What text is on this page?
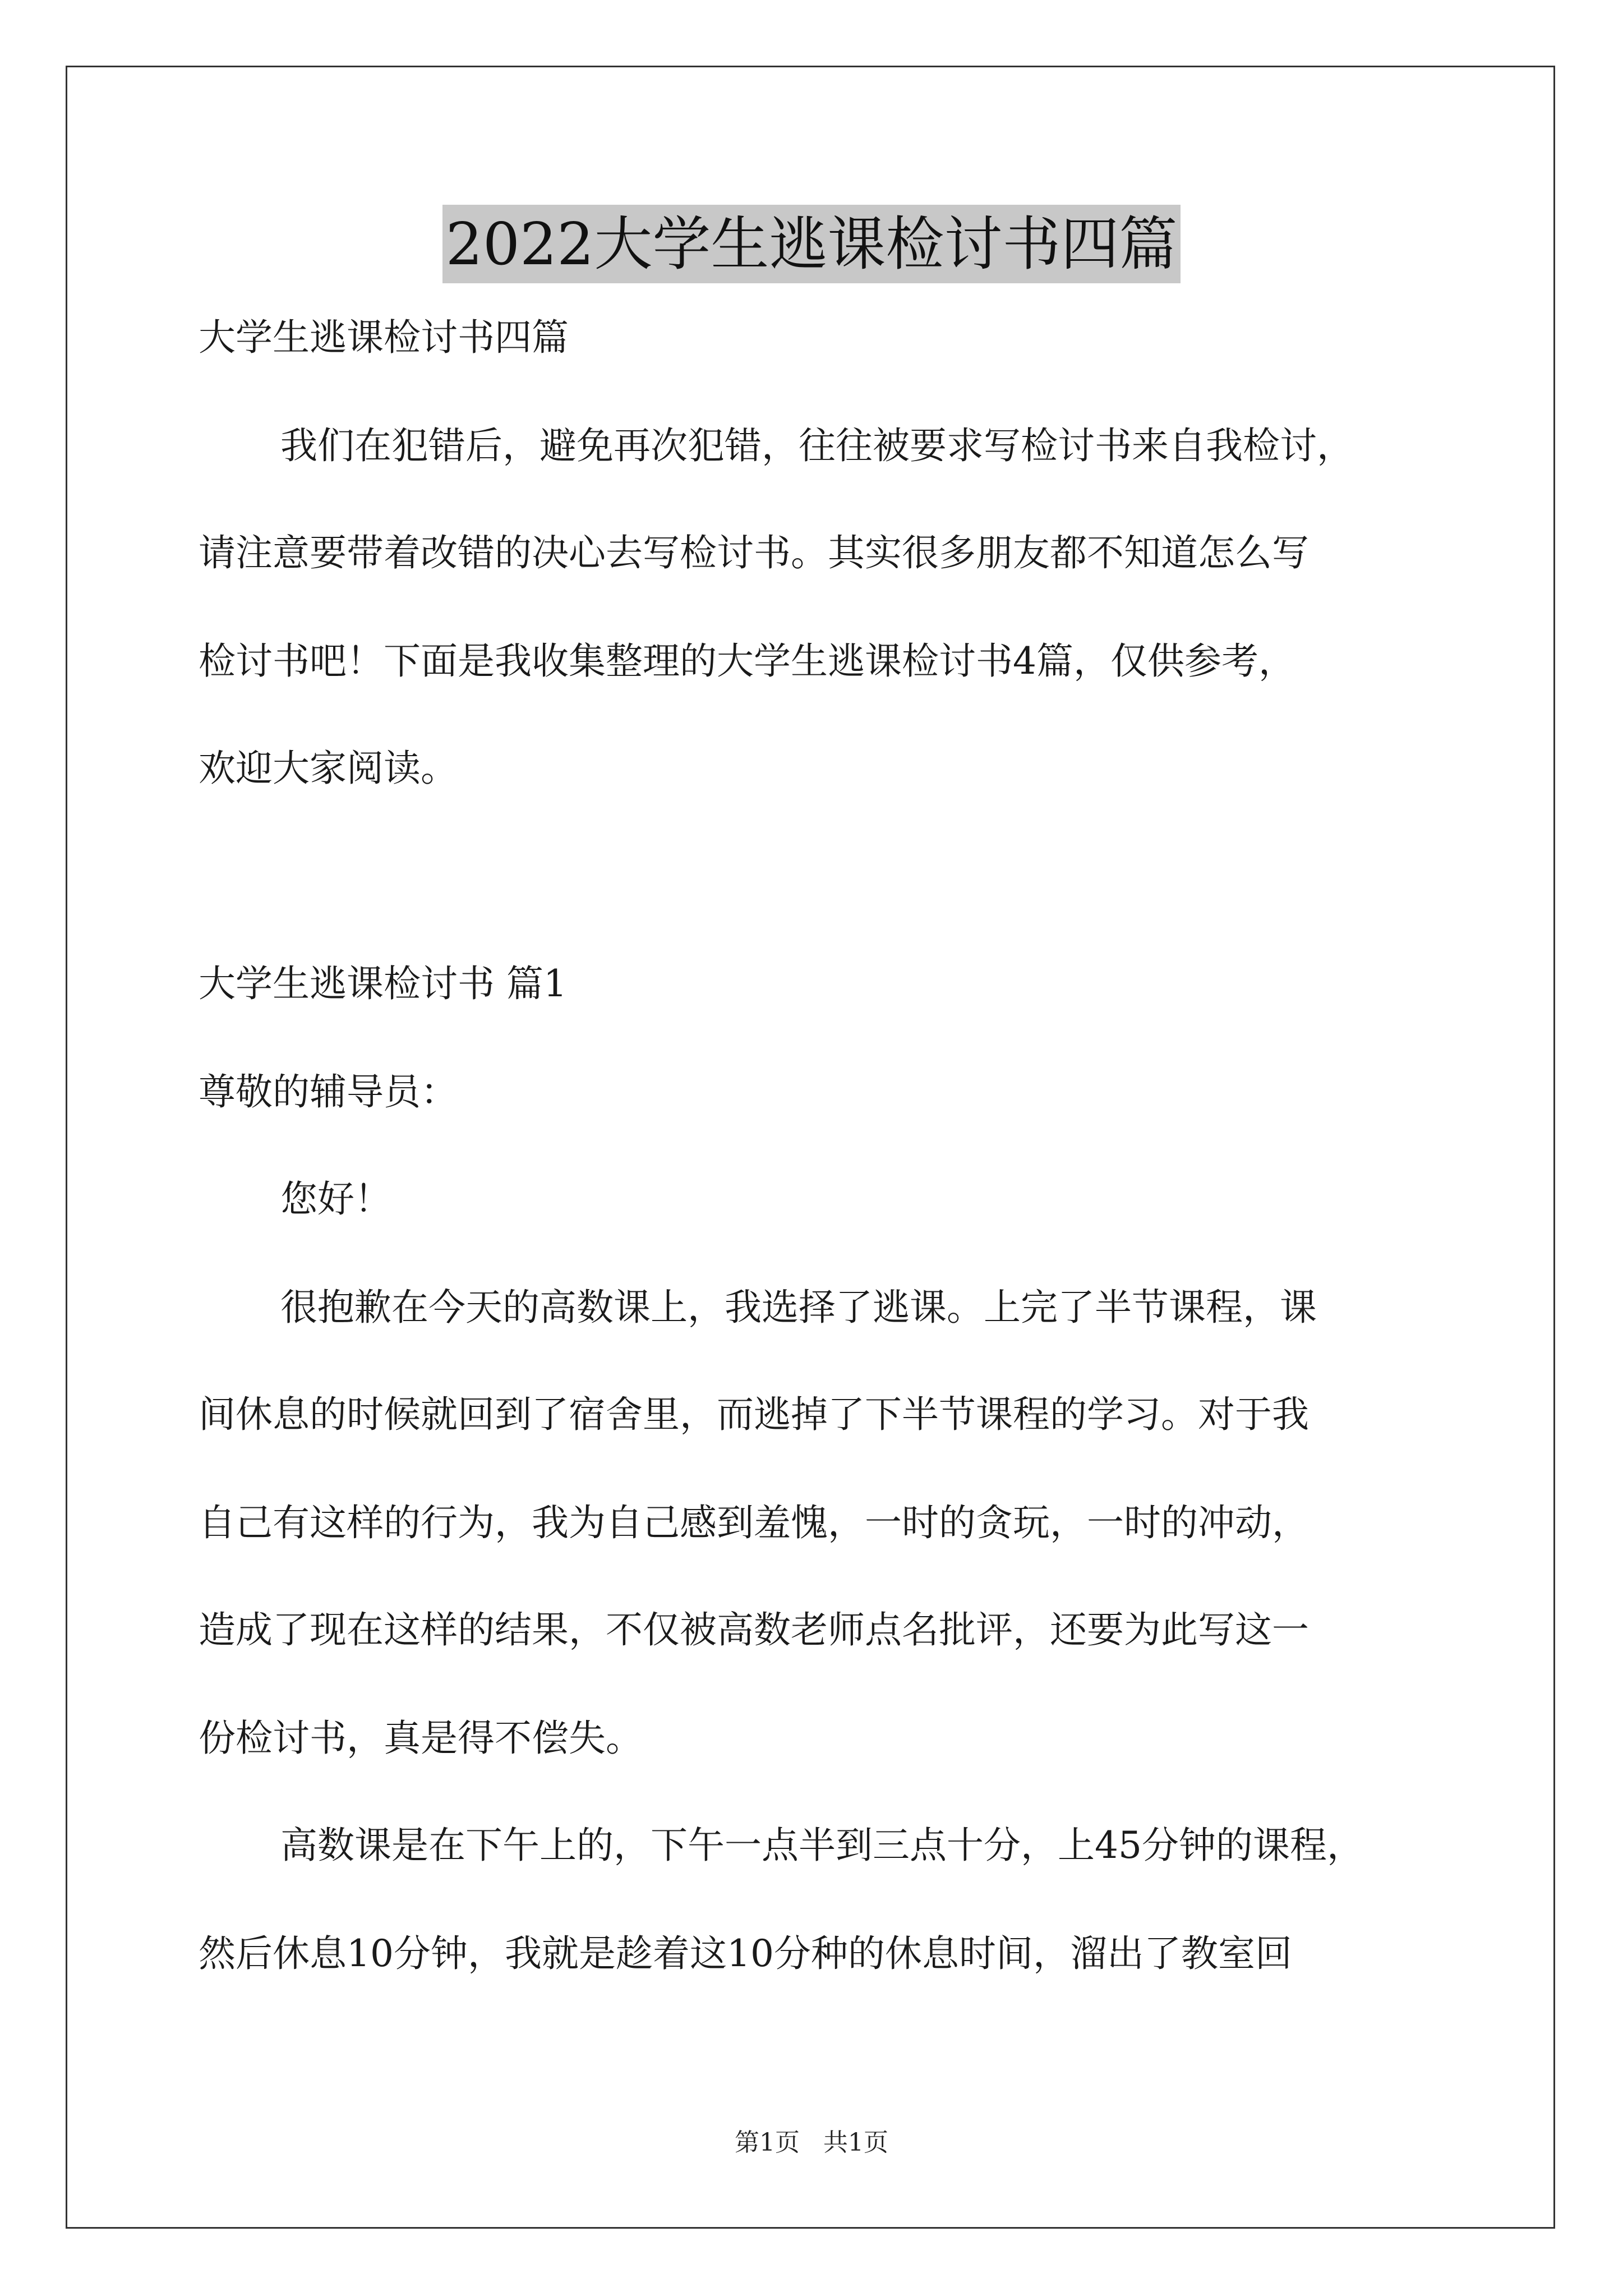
2022大学生逃课检讨书四篇
大学生逃课检讨书四篇
我们在犯错后，避免再次犯错，往往被要求写检讨书来自我检讨，
请注意要带着改错的决心去写检讨书。其实很多朋友都不知道怎么写
检讨书吧！下面是我收集整理的大学生逃课检讨书4篇，仅供参考，
欢迎大家阅读。
大学生逃课检讨书 篇1
尊敬的辅导员：
您好！
很抱歉在今天的高数课上，我选择了逃课。上完了半节课程，课
间休息的时候就回到了宿舍里，而逃掉了下半节课程的学习。对于我
自己有这样的行为，我为自己感到羞愧，一时的贪玩，一时的冲动，
造成了现在这样的结果，不仅被高数老师点名批评，还要为此写这一
份检讨书，真是得不偿失。
高数课是在下午上的，下午一点半到三点十分，上45分钟的课程，
然后休息10分钟，我就是趁着这10分种的休息时间，溜出了教室回
第1页   共1页
